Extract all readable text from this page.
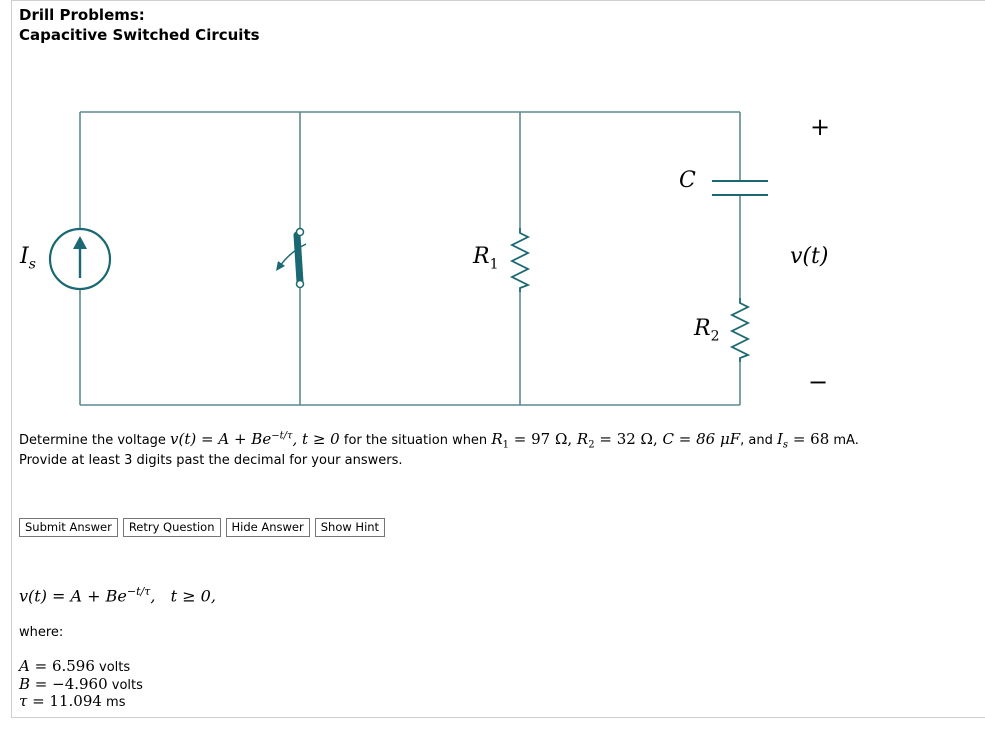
Drill Problems:
Capacitive Switched Circuits
$I_s$	$R_1$
C
$R_2$
+
v(t)
−
Determine the voltage $v(t) = A + Be^{-t/\tau}$, t ≥ 0 for the situation when $R_1 = 97$ Ω, $R_2 = 32$ Ω, C = 86 μF, and $I_s = 68$ mA.
Provide at least 3 digits past the decimal for your answers.
Submit Answer	Retry Question	Hide Answer	Show Hint
$v(t) = A + Be^{-t/\tau}$,   t ≥ 0,
where:
A = 6.596 volts
B = −4.960 volts
τ = 11.094 ms
